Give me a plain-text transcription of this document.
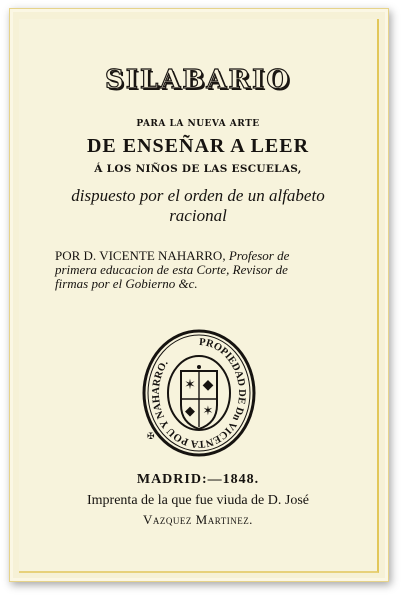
SILABARIO
PARA LA NUEVA ARTE
DE ENSEÑAR A LEER
Á LOS NIÑOS DE LAS ESCUELAS,
dispuesto por el orden de un alfabeto
racional
POR D. VICENTE NAHARRO, Profesor de
primera educacion de esta Corte, Revisor de
firmas por el Gobierno &c.
PROPIEDAD DE Dn VICENTA POU Y NAHARRO.
✶ ◆
◆ ✶
✠
MADRID:—1848.
Imprenta de la que fue viuda de D. José
Vazquez Martinez.
